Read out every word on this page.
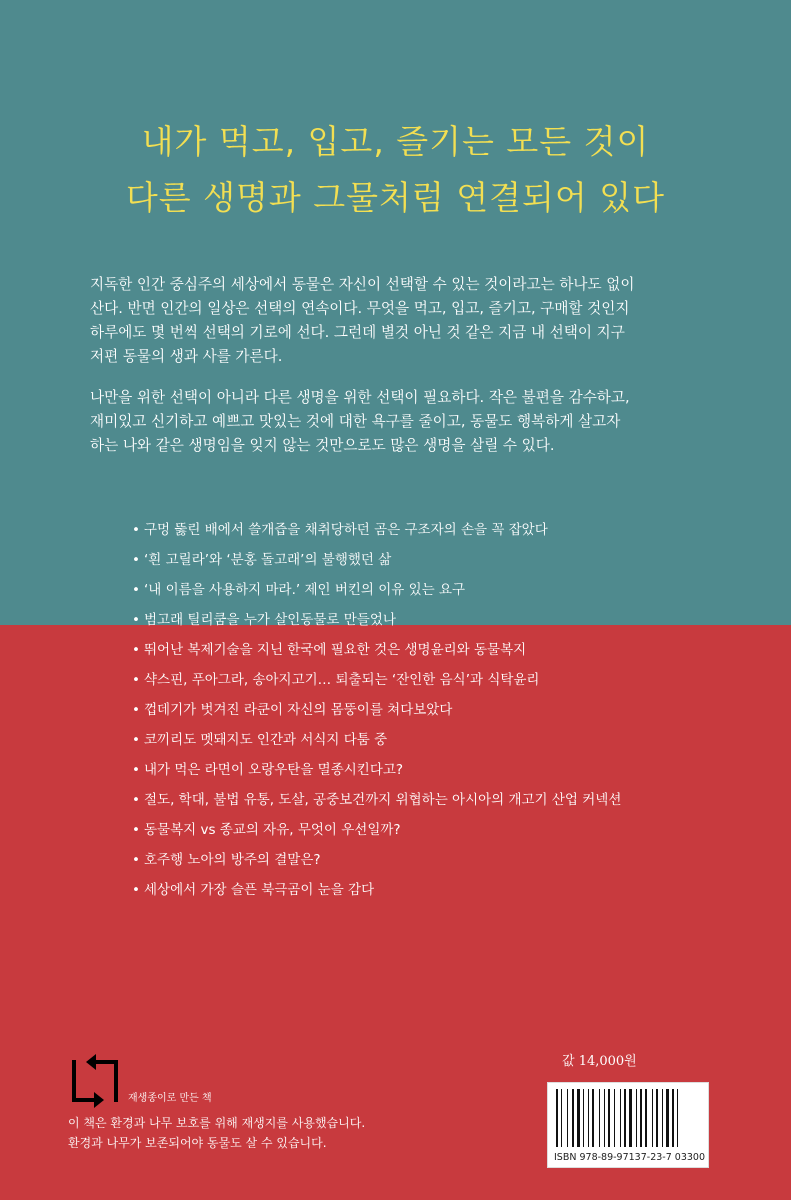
내가 먹고, 입고, 즐기는 모든 것이
다른 생명과 그물처럼 연결되어 있다
지독한 인간 중심주의 세상에서 동물은 자신이 선택할 수 있는 것이라고는 하나도 없이
산다. 반면 인간의 일상은 선택의 연속이다. 무엇을 먹고, 입고, 즐기고, 구매할 것인지
하루에도 몇 번씩 선택의 기로에 선다. 그런데 별것 아닌 것 같은 지금 내 선택이 지구
저편 동물의 생과 사를 가른다.
나만을 위한 선택이 아니라 다른 생명을 위한 선택이 필요하다. 작은 불편을 감수하고,
재미있고 신기하고 예쁘고 맛있는 것에 대한 욕구를 줄이고, 동물도 행복하게 살고자
하는 나와 같은 생명임을 잊지 않는 것만으로도 많은 생명을 살릴 수 있다.
• 구멍 뚫린 배에서 쓸개즙을 채취당하던 곰은 구조자의 손을 꼭 잡았다
• ‘흰 고릴라’와 ‘분홍 돌고래’의 불행했던 삶
• ‘내 이름을 사용하지 마라.’ 제인 버킨의 이유 있는 요구
• 범고래 틸리쿰을 누가 살인동물로 만들었나
• 뛰어난 복제기술을 지닌 한국에 필요한 것은 생명윤리와 동물복지
• 샥스핀, 푸아그라, 송아지고기… 퇴출되는 ‘잔인한 음식’과 식탁윤리
• 껍데기가 벗겨진 라쿤이 자신의 몸뚱이를 쳐다보았다
• 코끼리도 멧돼지도 인간과 서식지 다툼 중
• 내가 먹은 라면이 오랑우탄을 멸종시킨다고?
• 절도, 학대, 불법 유통, 도살, 공중보건까지 위협하는 아시아의 개고기 산업 커넥션
• 동물복지 vs 종교의 자유, 무엇이 우선일까?
• 호주행 노아의 방주의 결말은?
• 세상에서 가장 슬픈 북극곰이 눈을 감다
재생종이로 만든 책
이 책은 환경과 나무 보호를 위해 재생지를 사용했습니다.
환경과 나무가 보존되어야 동물도 살 수 있습니다.
값 14,000원
ISBN 978-89-97137-23-7 03300
